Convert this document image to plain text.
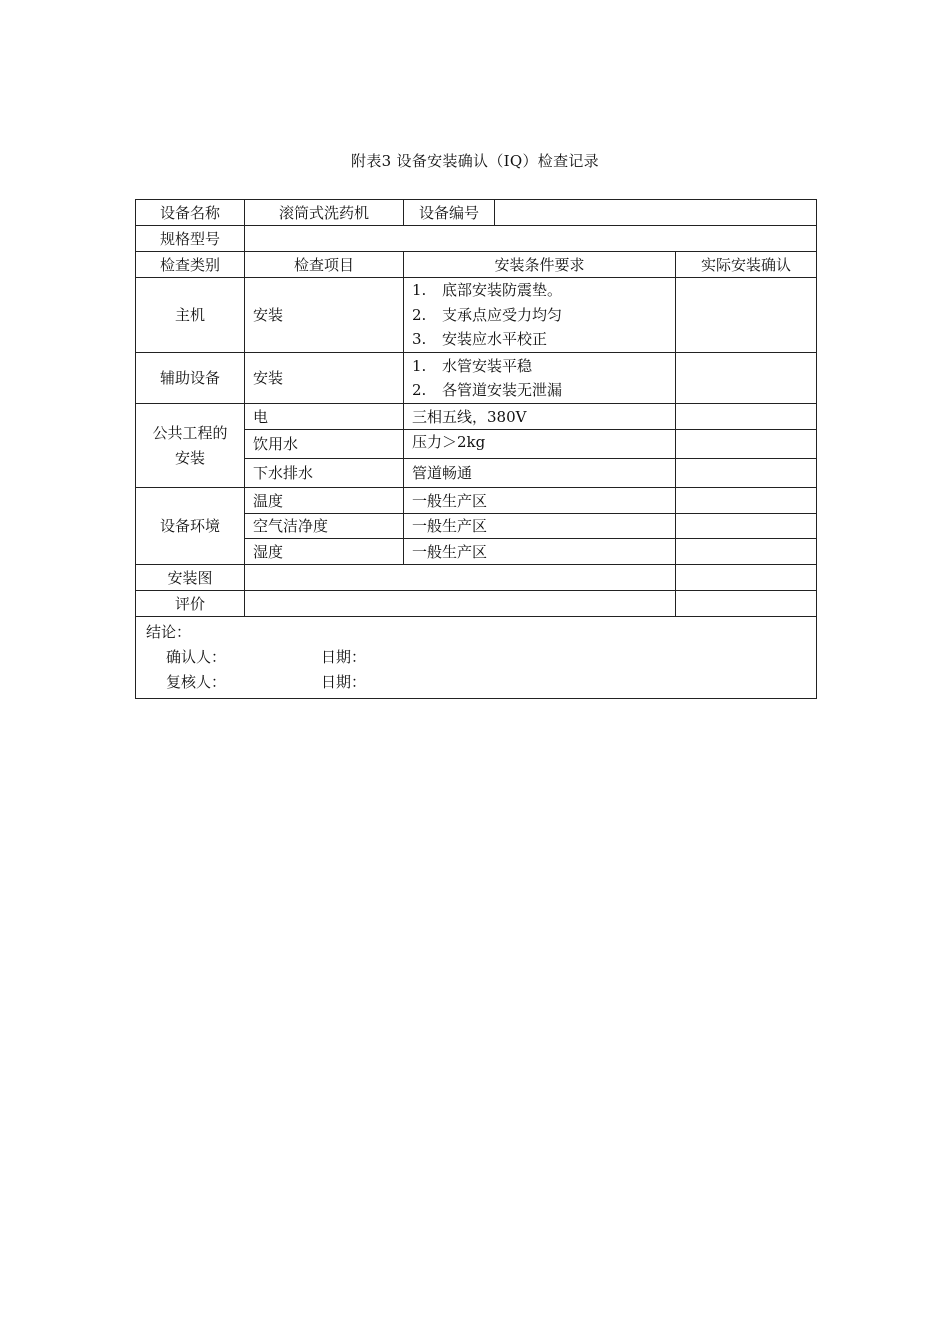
附表3 设备安装确认（IQ）检查记录
设备名称	滚筒式洗药机	设备编号		
规格型号				
检查类别	检查项目	安装条件要求		实际安装确认
主机	安装	1. 底部安装防震垫。
2. 支承点应受力均匀
3. 安装应水平校正		

辅助设备	安装	1. 水管安装平稳
2. 各管道安装无泄漏		

公共工程的安装	电	三相五线，380V		
	饮用水	压力＞2kg		
	下水排水	管道畅通		
设备环境	温度	一般生产区		
	空气洁净度	一般生产区		
	湿度	一般生产区		
安装图				
评价				

结论：
确认人： 日期：
复核人： 日期：				
